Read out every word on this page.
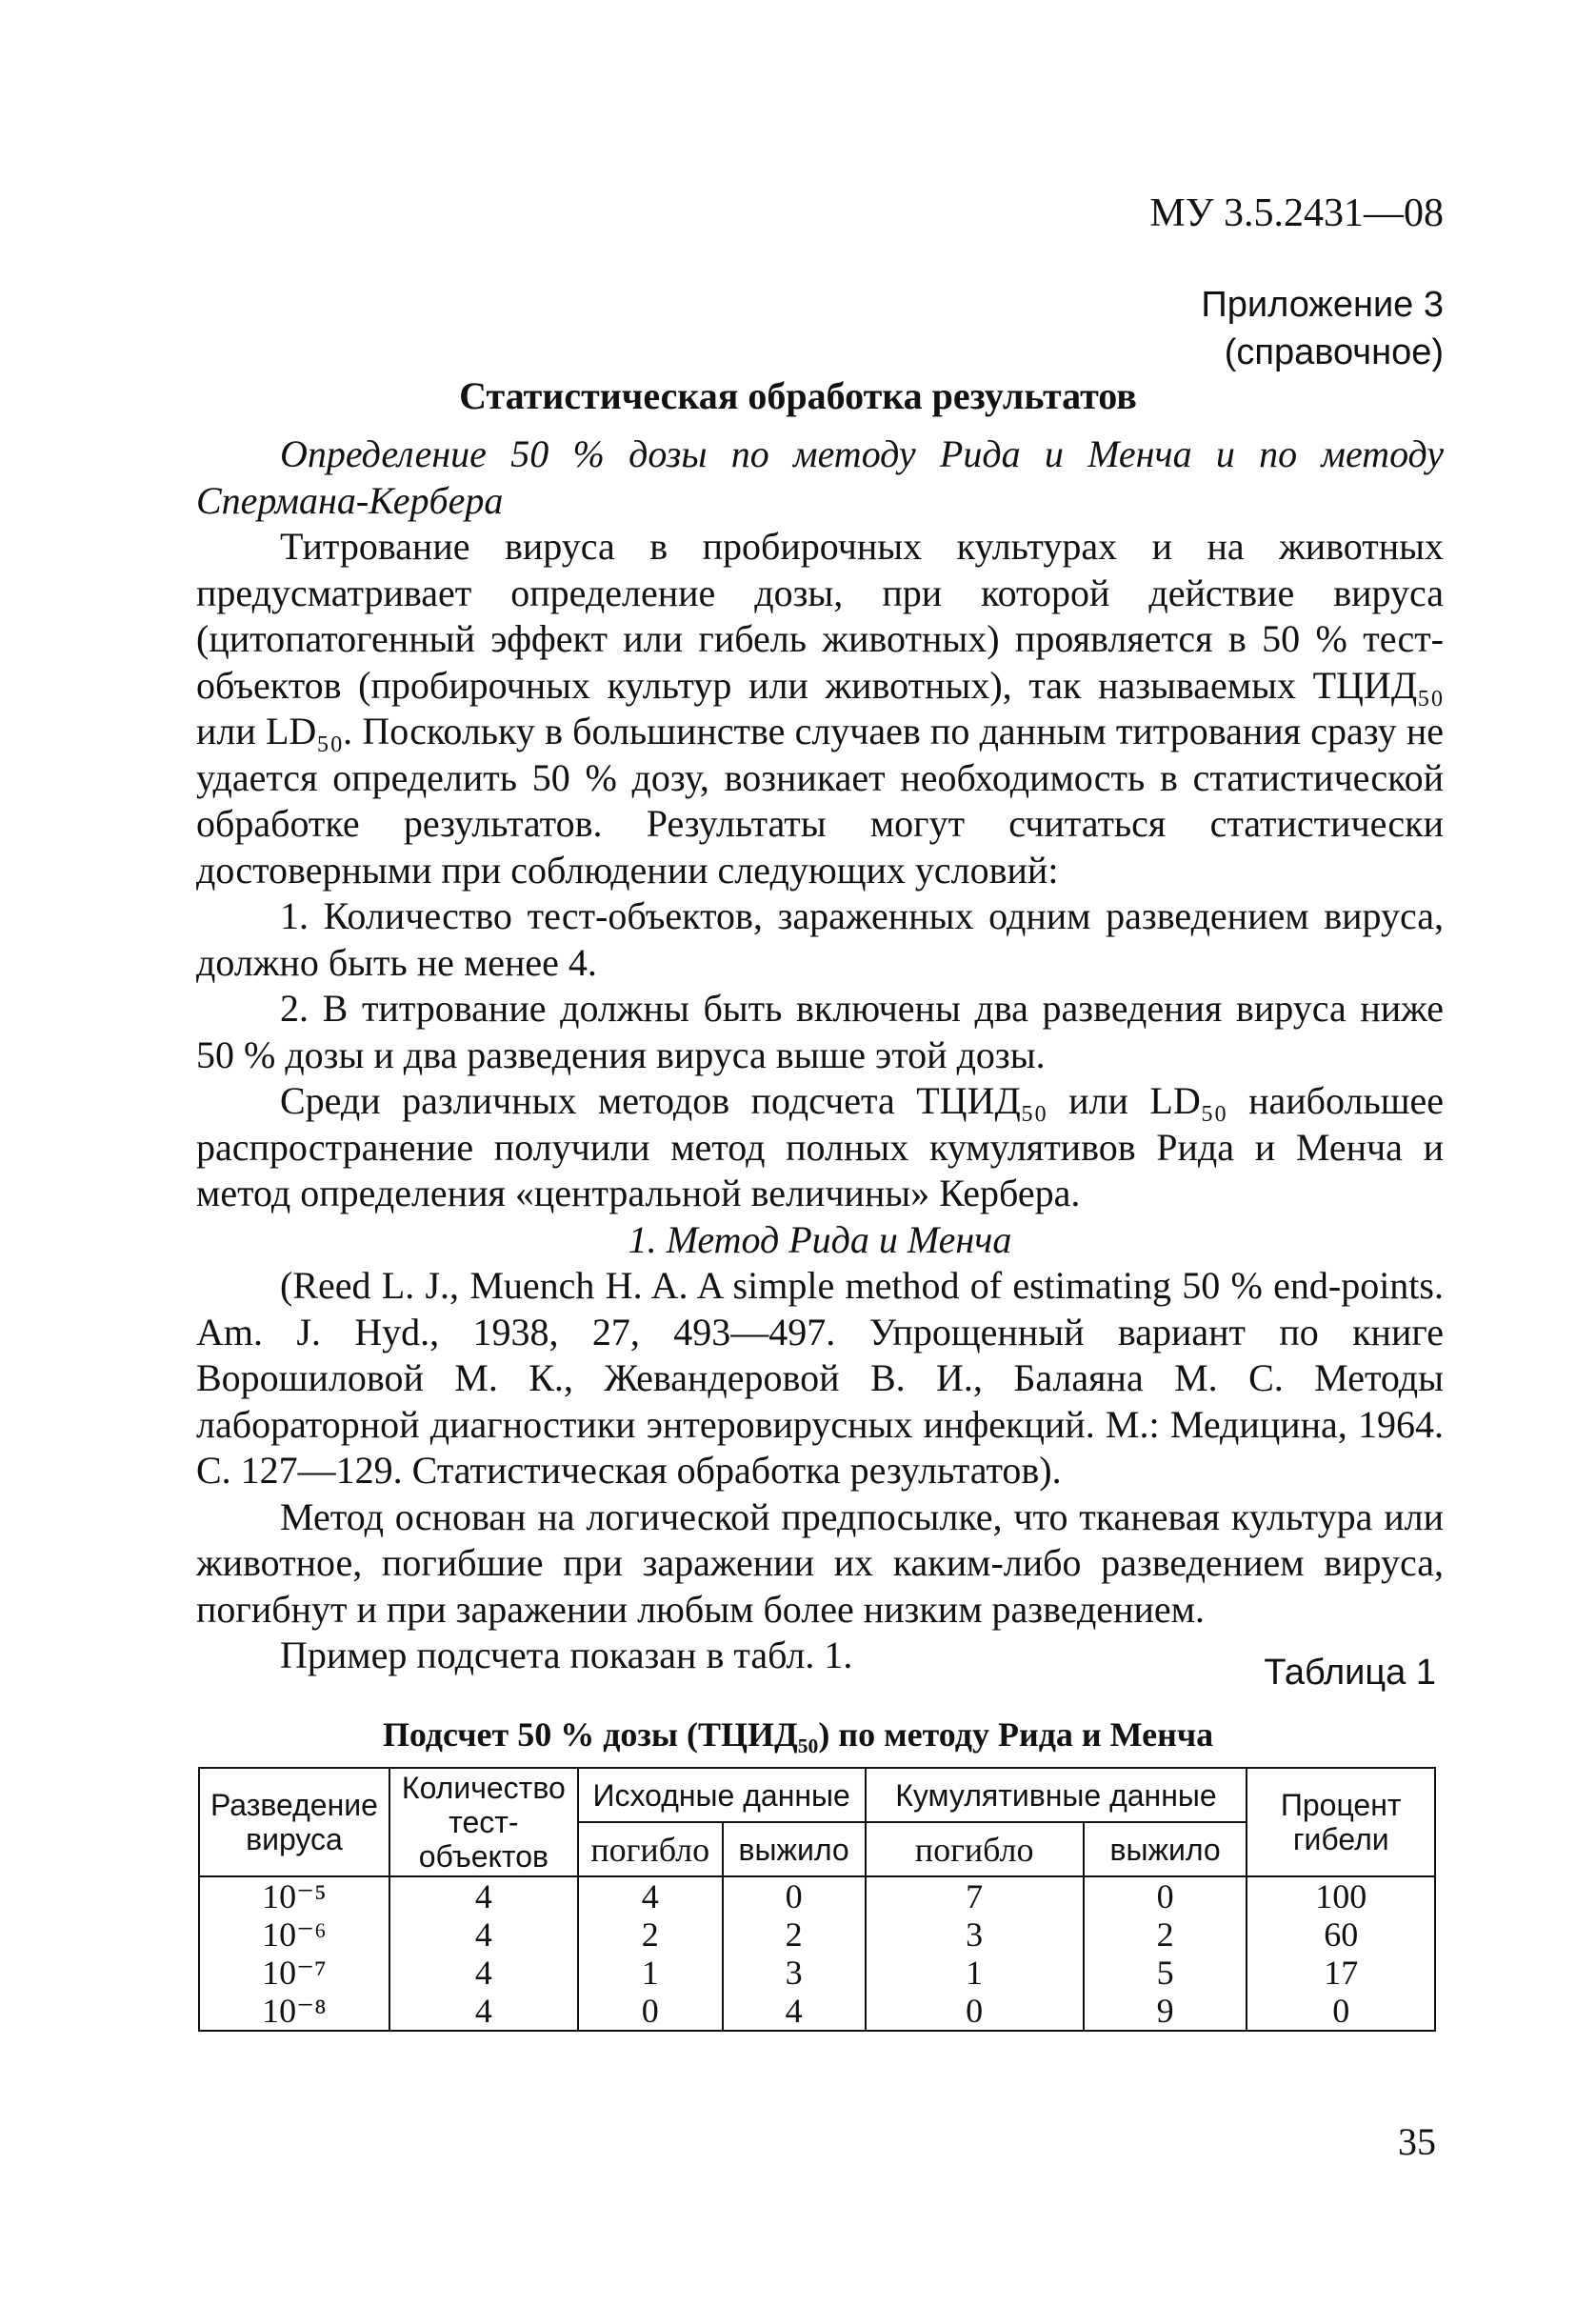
МУ 3.5.2431—08
Приложение 3
(справочное)
Статистическая обработка результатов

Определение 50 % дозы по методу Рида и Менча и по методу Спермана-Кербера

Титрование вируса в пробирочных культурах и на животных предусматривает определение дозы, при которой действие вируса (цитопатогенный эффект или гибель животных) проявляется в 50 % тест-объектов (пробирочных культур или животных), так называемых ТЦИД₅₀ или LD₅₀. Поскольку в большинстве случаев по данным титрования сразу не удается определить 50 % дозу, возникает необходимость в статистической обработке результатов. Результаты могут считаться статистически достоверными при соблюдении следующих условий:

1. Количество тест-объектов, зараженных одним разведением вируса, должно быть не менее 4.

2. В титрование должны быть включены два разведения вируса ниже 50 % дозы и два разведения вируса выше этой дозы.

Среди различных методов подсчета ТЦИД₅₀ или LD₅₀ наибольшее распространение получили метод полных кумулятивов Рида и Менча и метод определения «центральной величины» Кербера.

1. Метод Рида и Менча

(Reed L. J., Muench H. A. A simple method of estimating 50 % end-points. Am. J. Hyd., 1938, 27, 493—497. Упрощенный вариант по книге Ворошиловой М. К., Жевандеровой В. И., Балаяна М. С. Методы лабораторной диагностики энтеровирусных инфекций. М.: Медицина, 1964. С. 127—129. Статистическая обработка результатов).

Метод основан на логической предпосылке, что тканевая культура или животное, погибшие при заражении их каким-либо разведением вируса, погибнут и при заражении любым более низким разведением.

Пример подсчета показан в табл. 1.	Таблица 1
Подсчет 50 % дозы (ТЦИД₅₀) по методу Рида и Менча
Разведение вируса	Количество тест-объектов	Исходные данные		Кумулятивные данные		Процент гибели
		погибло	выжило	погибло	выжило	
10⁻⁵	4	4	0	7	0	100
10⁻⁶	4	2	2	3	2	60
10⁻⁷	4	1	3	1	5	17
10⁻⁸	4	0	4	0	9	0
35
